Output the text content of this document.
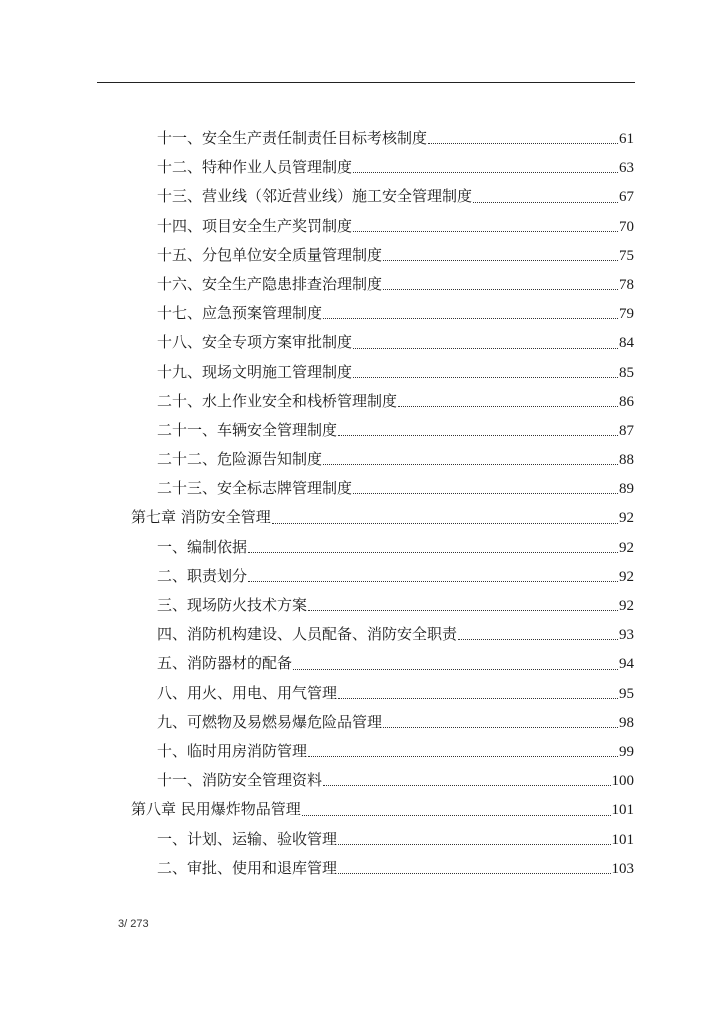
十一、安全生产责任制责任目标考核制度	61
十二、特种作业人员管理制度	63
十三、营业线（邻近营业线）施工安全管理制度	67
十四、项目安全生产奖罚制度	70
十五、分包单位安全质量管理制度	75
十六、安全生产隐患排查治理制度	78
十七、应急预案管理制度	79
十八、安全专项方案审批制度	84
十九、现场文明施工管理制度	85
二十、水上作业安全和栈桥管理制度	86
二十一、车辆安全管理制度	87
二十二、危险源告知制度	88
二十三、安全标志牌管理制度	89
第七章 消防安全管理	92
一、编制依据	92
二、职责划分	92
三、现场防火技术方案	92
四、消防机构建设、人员配备、消防安全职责	93
五、消防器材的配备	94
八、用火、用电、用气管理	95
九、可燃物及易燃易爆危险品管理	98
十、临时用房消防管理	99
十一、消防安全管理资料	100
第八章 民用爆炸物品管理	101
一、计划、运输、验收管理	101
二、审批、使用和退库管理	103
3/ 273
